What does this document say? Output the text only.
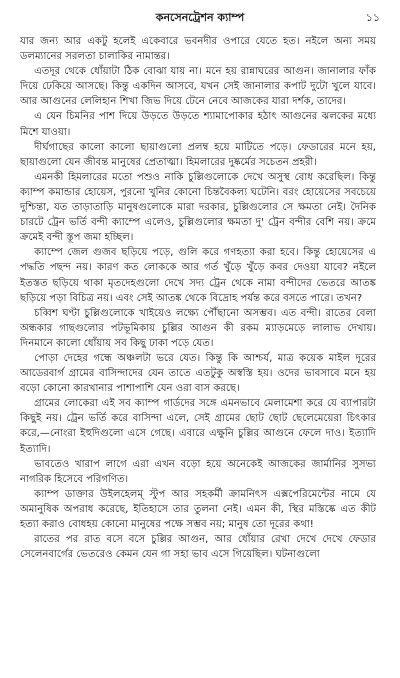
কনসেনট্রেশন ক্যাম্প	১১

যার জন্য আর একটু হলেই একেবারে ভবনদীর ওপারে যেতে হত। নইলে অন্য সময় ডলম্যানের সরলতা চালাকির নামান্তর।

এতদূর থেকে ধোঁয়াটা ঠিক বোঝা যায় না। মনে হয় রান্নাঘরের আগুন। জানালার ফাঁক দিয়ে ঢেকিয়ে আসছে। কিন্তু একদিন আসবে, যখন সেই জানালার কপাট দুটো খুলে যাবে। আর আগুনের লেলিহান শিখা জিভ দিয়ে টেনে নেবে আজকের যারা দর্শক, তাদের।

এ যেন চিমনির পাশ দিয়ে উড়তে উড়তে শ্যামাপোকার হঠাৎ আগুনের ঝলকের মধ্যে মিশে যাওয়া।

দীর্ঘগাছের কালো কালো ছায়াগুলো প্রলম্ব হয়ে মাটিতে পড়ে। ফেডারের মনে হয়, ছায়াগুলো যেন জীবন্ত মানুষের প্রেতাত্মা। হিমলারের দুষ্কর্মের সচেতন প্রহরী।

এমনকী হিমলারের মতো পশুও নাকি চুল্লিগুলোকে দেখে অসুস্থ বোধ করেছিল। কিন্তু ক্যাম্প কমান্ডার হোয়েস, পুরনো খুনির কোনো চিন্তবৈকল্য ঘটেনি। বরং হোয়েসের সবচেয়ে দুশ্চিন্তা, যত তাড়াতাড়ি মানুষগুলোকে মারা দরকার, চুল্লিগুলোর সে ক্ষমতা নেই। দৈনিক চারটে ট্রেন ভর্তি বন্দী ক্যাম্পে এলেও, চুল্লিগুলোর ক্ষমতা দু' ট্রেন বন্দীর বেশি নয়। ক্রমে ক্রমেই বন্দী স্তূপ জমা হচ্ছিল।

ক্যাম্পে জেল গুজব ছড়িয়ে পড়ে, গুলি করে গণহত্যা করা হবে। কিন্তু হোয়েসের এ পদ্ধতি পছন্দ নয়। কারণ কত লোককে আর গর্ত খুঁড়ে খুঁড়ে কবর দেওয়া যাবে? নইলে ইতস্তত ছড়িয়ে থাকা মৃতদেহগুলো দেখে সদ্য ট্রেন থেকে নামা বন্দীদের ভেতরে আতঙ্ক ছড়িয়ে পড়া বিচিত্র নয়। এবং সেই আতঙ্ক থেকে বিদ্রোহ পর্যন্ত করে বসতে পারে। তখন?

চব্বিশ ঘণ্টা চুল্লিগুলোকে খাইয়েও লক্ষ্যে পৌঁছানো অসম্ভব। এত বন্দী। রাতের বেলা অন্ধকার গাছগুলোর পটভূমিকায় চুল্লির আগুন কী রকম ম্যাড়মেড়ে লালাভ দেখায়। দিনমানে কালো ধোঁয়ায় সব কিছু ঢাকা পড়ে যেত।

পোড়া দেহের গন্ধে অঞ্চলটা ভরে যেত। কিন্তু কি আশ্চর্য, মাত্র কয়েক মাইল দূরের আডেরবার্গ গ্রামের বাসিন্দাদের যেন তাতে এতটুকু অস্বস্তি হয়। ওদের ভাবসাবে মনে হয় বড়ো কোনো কারখানার পাশাপাশি যেন ওরা বাস করছে।

গ্রামের লোকেরা এই সব ক্যাম্প গার্ডদের সঙ্গে এমনভাবে মেলামেশা করে যে ব্যাপারটা কিছুই নয়। ট্রেন ভর্তি করে বাসিন্দা এলে, সেই গ্রামের ছোট ছোট ছেলেমেয়েরা চিৎকার করে,—নোংরা ইহুদিগুলো এসে গেছে। এবারে এক্ষুনি চুল্লির আগুনে ফেলে দাও। ইত্যাদি ইত্যাদি।

ভাবতেও খারাপ লাগে এরা এখন বড়ো হয়ে অনেকেই আজকের জার্মানির সুসভ্য নাগরিক হিসেবে পরিগণিত।

ক্যাম্প ডাক্তার উইলহেলম্ স্টুপ আর সহকর্মী ক্রামনিৎস এক্সপেরিমেন্টের নামে যে অমানুষিক অপরাধ করেছে, ইতিহাসে তার তুলনা নেই। এমন কী, স্থির মস্তিষ্কে এত কীট হত্যা করাও বোধহয় কোনো মানুষের পক্ষে সম্ভব নয়; মানুষ তো দূরের কথা!

রাতের পর রাত বসে বসে চুল্লির আগুন, আর ধোঁয়ার রেখা দেখে দেখে ফেডার সেলেনবার্গের ভেতরেও কেমন যেন গা সহা ভাব এসে গিয়েছিল। ঘটনাগুলো
